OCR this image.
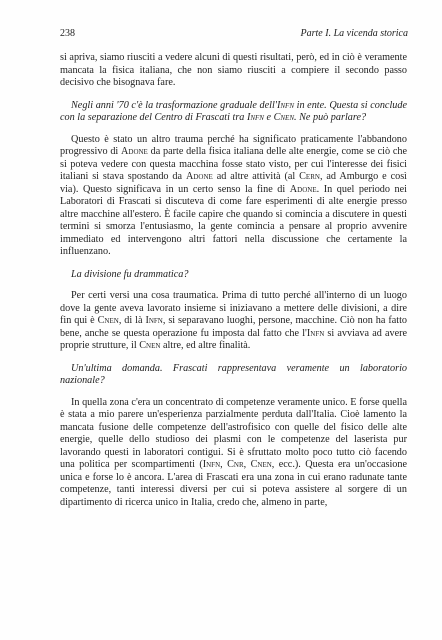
238	Parte I. La vicenda storica

si apriva, siamo riusciti a vedere alcuni di questi risultati, però, ed in ciò è veramente mancata la fisica italiana, che non siamo riusciti a compiere il secondo passo decisivo che bisognava fare.

Negli anni '70 c'è la trasformazione graduale dell'Infn in ente. Questa si conclude con la separazione del Centro di Frascati tra Infn e Cnen. Ne può parlare?

Questo è stato un altro trauma perché ha significato praticamente l'abbandono progressivo di Adone da parte della fisica italiana delle alte energie, come se ciò che si poteva vedere con questa macchina fosse stato visto, per cui l'interesse dei fisici italiani si stava spostando da Adone ad altre attività (al Cern, ad Amburgo e così via). Questo significava in un certo senso la fine di Adone. In quel periodo nei Laboratori di Frascati si discuteva di come fare esperimenti di alte energie presso altre macchine all'estero. È facile capire che quando si comincia a discutere in questi termini si smorza l'entusiasmo, la gente comincia a pensare al proprio avvenire immediato ed intervengono altri fattori nella discussione che certamente la influenzano.

La divisione fu drammatica?

Per certi versi una cosa traumatica. Prima di tutto perché all'interno di un luogo dove la gente aveva lavorato insieme si iniziavano a mettere delle divisioni, a dire fin qui è Cnen, di là Infn, si separavano luoghi, persone, macchine. Ciò non ha fatto bene, anche se questa operazione fu imposta dal fatto che l'Infn si avviava ad avere proprie strutture, il Cnen altre, ed altre finalità.

Un'ultima domanda. Frascati rappresentava veramente un laboratorio nazionale?

In quella zona c'era un concentrato di competenze veramente unico. E forse quella è stata a mio parere un'esperienza parzialmente perduta dall'Italia. Cioè lamento la mancata fusione delle competenze dell'astrofisico con quelle del fisico delle alte energie, quelle dello studioso dei plasmi con le competenze del laserista pur lavorando questi in laboratori contigui. Si è sfruttato molto poco tutto ciò facendo una politica per scompartimenti (Infn, Cnr, Cnen, ecc.). Questa era un'occasione unica e forse lo è ancora. L'area di Frascati era una zona in cui erano radunate tante competenze, tanti interessi diversi per cui si poteva assistere al sorgere di un dipartimento di ricerca unico in Italia, credo che, almeno in parte,
